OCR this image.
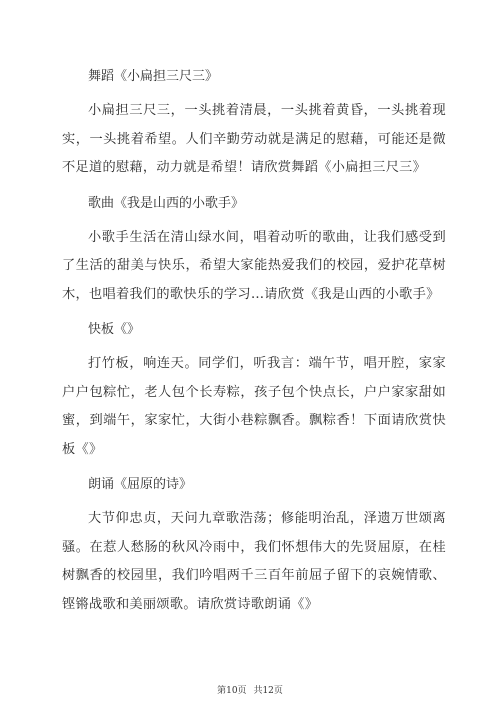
舞蹈《小扁担三尺三》

小扁担三尺三，一头挑着清晨，一头挑着黄昏，一头挑着现实，一头挑着希望。人们辛勤劳动就是满足的慰藉，可能还是微不足道的慰藉，动力就是希望！请欣赏舞蹈《小扁担三尺三》

歌曲《我是山西的小歌手》

小歌手生活在清山绿水间，唱着动听的歌曲，让我们感受到了生活的甜美与快乐，希望大家能热爱我们的校园，爱护花草树木，也唱着我们的歌快乐的学习…请欣赏《我是山西的小歌手》

快板《》

打竹板，响连天。同学们，听我言：端午节，唱开腔，家家户户包粽忙，老人包个长寿粽，孩子包个快点长，户户家家甜如蜜，到端午，家家忙，大街小巷粽飘香。飘粽香！下面请欣赏快板《》

朗诵《屈原的诗》

大节仰忠贞，天问九章歌浩荡；修能明治乱，泽遗万世颂离骚。在惹人愁肠的秋风冷雨中，我们怀想伟大的先贤屈原，在桂树飘香的校园里，我们吟唱两千三百年前屈子留下的哀婉情歌、铿锵战歌和美丽颂歌。请欣赏诗歌朗诵《》

第10页 共12页
